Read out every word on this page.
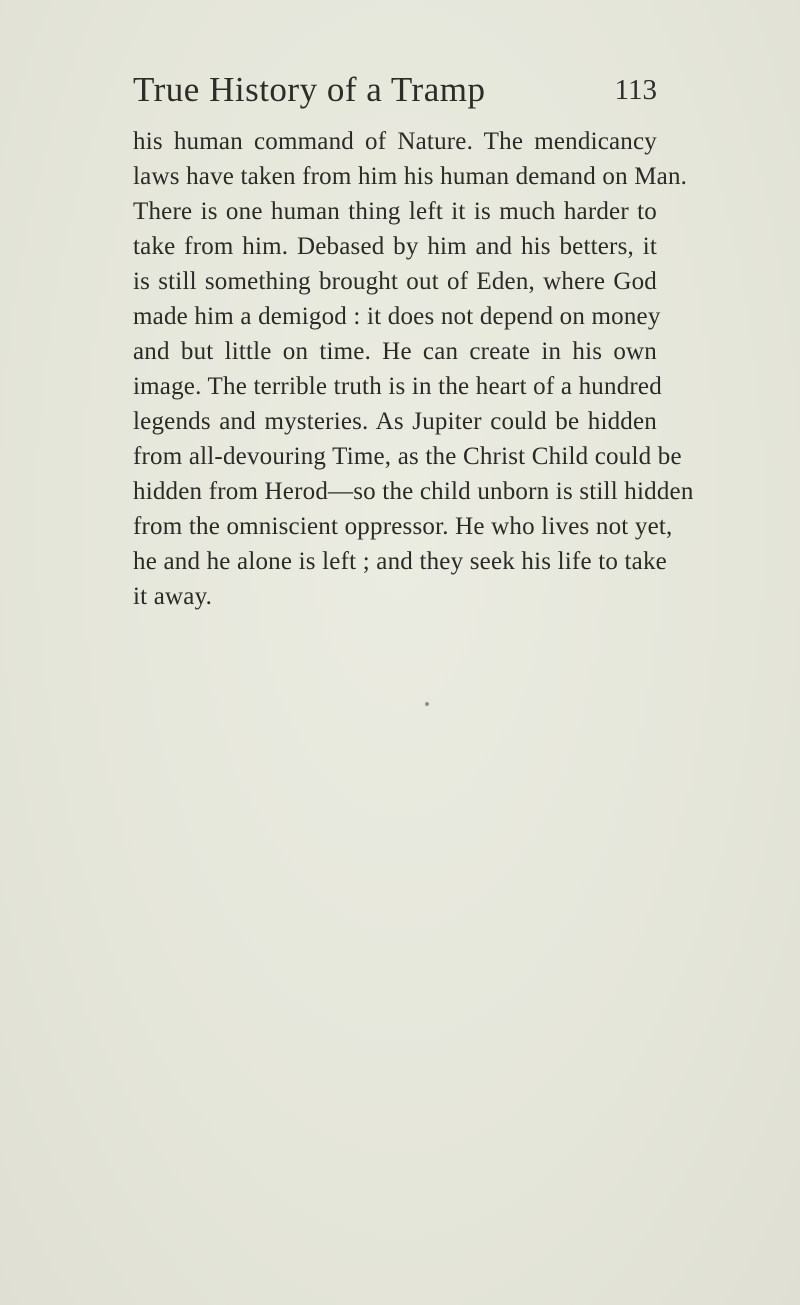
True History of a Tramp	113
his human command of Nature. The mendicancy
laws have taken from him his human demand on Man.
There is one human thing left it is much harder to
take from him. Debased by him and his betters, it
is still something brought out of Eden, where God
made him a demigod : it does not depend on money
and but little on time. He can create in his own
image. The terrible truth is in the heart of a hundred
legends and mysteries. As Jupiter could be hidden
from all-devouring Time, as the Christ Child could be
hidden from Herod—so the child unborn is still hidden
from the omniscient oppressor. He who lives not yet,
he and he alone is left ; and they seek his life to take
it away.
